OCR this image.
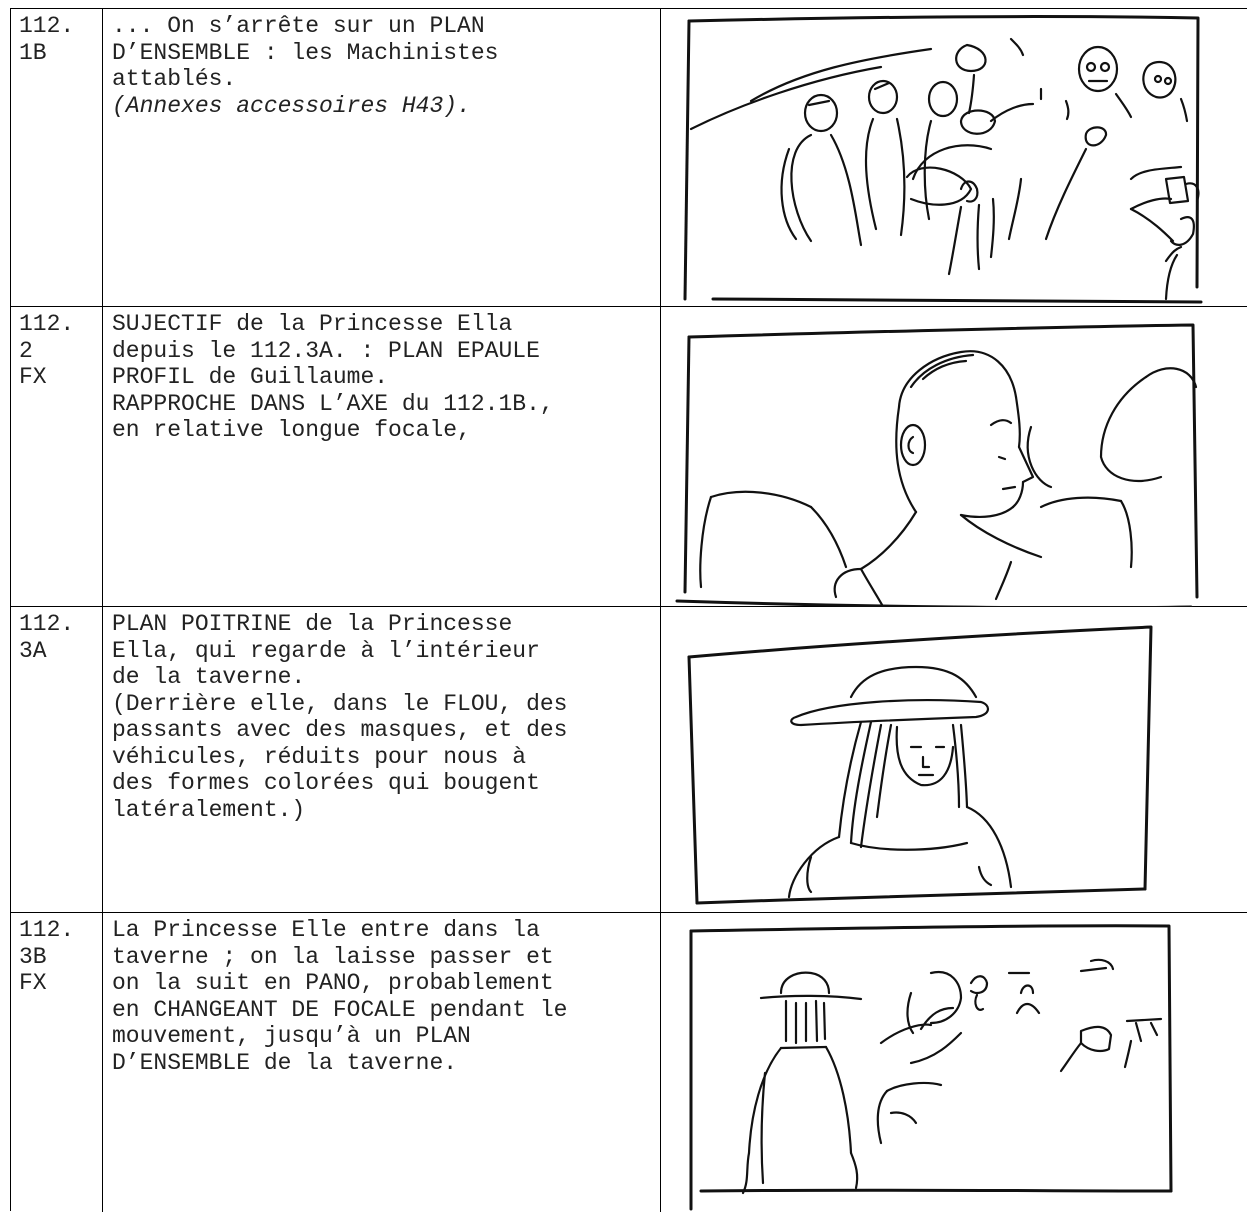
112.
1B
... On s’arrête sur un PLAN
D’ENSEMBLE : les Machinistes
attablés.
(Annexes accessoires H43).
112.
2
FX
SUJECTIF de la Princesse Ella
depuis le 112.3A. : PLAN EPAULE
PROFIL de Guillaume.
RAPPROCHE DANS L’AXE du 112.1B.,
en relative longue focale,
112.
3A
PLAN POITRINE de la Princesse
Ella, qui regarde à l’intérieur
de la taverne.
(Derrière elle, dans le FLOU, des
passants avec des masques, et des
véhicules, réduits pour nous à
des formes colorées qui bougent
latéralement.)
112.
3B
FX
La Princesse Elle entre dans la
taverne ; on la laisse passer et
on la suit en PANO, probablement
en CHANGEANT DE FOCALE pendant le
mouvement, jusqu’à un PLAN
D’ENSEMBLE de la taverne.
